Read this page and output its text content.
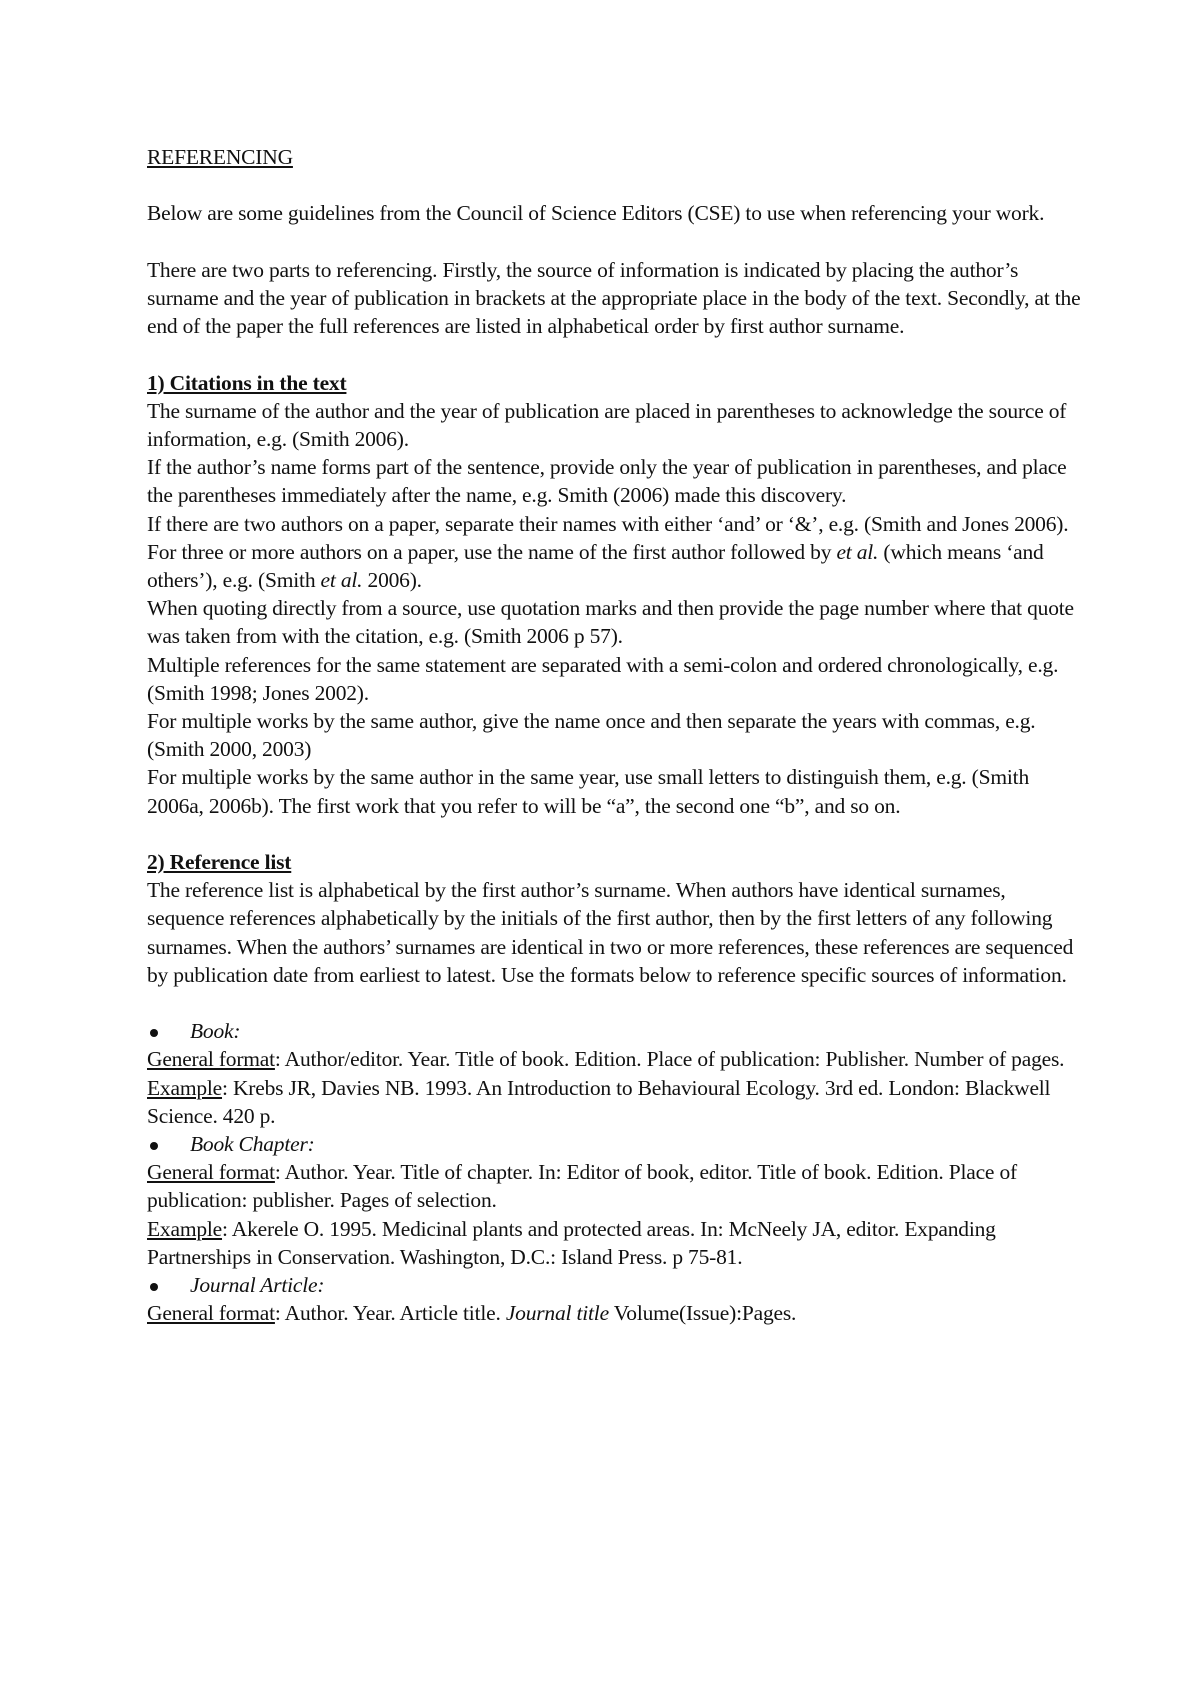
REFERENCING

Below are some guidelines from the Council of Science Editors (CSE) to use when referencing your work.

There are two parts to referencing. Firstly, the source of information is indicated by placing the author’s surname and the year of publication in brackets at the appropriate place in the body of the text. Secondly, at the end of the paper the full references are listed in alphabetical order by first author surname.

1) Citations in the text

The surname of the author and the year of publication are placed in parentheses to acknowledge the source of information, e.g. (Smith 2006).

If the author’s name forms part of the sentence, provide only the year of publication in parentheses, and place the parentheses immediately after the name, e.g. Smith (2006) made this discovery.

If there are two authors on a paper, separate their names with either ‘and’ or ‘&’, e.g. (Smith and Jones 2006).

For three or more authors on a paper, use the name of the first author followed by et al. (which means ‘and others’), e.g. (Smith et al. 2006).

When quoting directly from a source, use quotation marks and then provide the page number where that quote was taken from with the citation, e.g. (Smith 2006 p 57).

Multiple references for the same statement are separated with a semi-colon and ordered chronologically, e.g. (Smith 1998; Jones 2002).

For multiple works by the same author, give the name once and then separate the years with commas, e.g. (Smith 2000, 2003)

For multiple works by the same author in the same year, use small letters to distinguish them, e.g. (Smith 2006a, 2006b). The first work that you refer to will be “a”, the second one “b”, and so on.

2) Reference list

The reference list is alphabetical by the first author’s surname. When authors have identical surnames, sequence references alphabetically by the initials of the first author, then by the first letters of any following surnames. When the authors’ surnames are identical in two or more references, these references are sequenced by publication date from earliest to latest. Use the formats below to reference specific sources of information.

Book:

General format: Author/editor. Year. Title of book. Edition. Place of publication: Publisher. Number of pages.

Example: Krebs JR, Davies NB. 1993. An Introduction to Behavioural Ecology. 3rd ed. London: Blackwell Science. 420 p.

Book Chapter:

General format: Author. Year. Title of chapter. In: Editor of book, editor. Title of book. Edition. Place of publication: publisher. Pages of selection.

Example: Akerele O. 1995. Medicinal plants and protected areas. In: McNeely JA, editor. Expanding Partnerships in Conservation. Washington, D.C.: Island Press. p 75-81.

Journal Article:

General format: Author. Year. Article title. Journal title Volume(Issue):Pages.
